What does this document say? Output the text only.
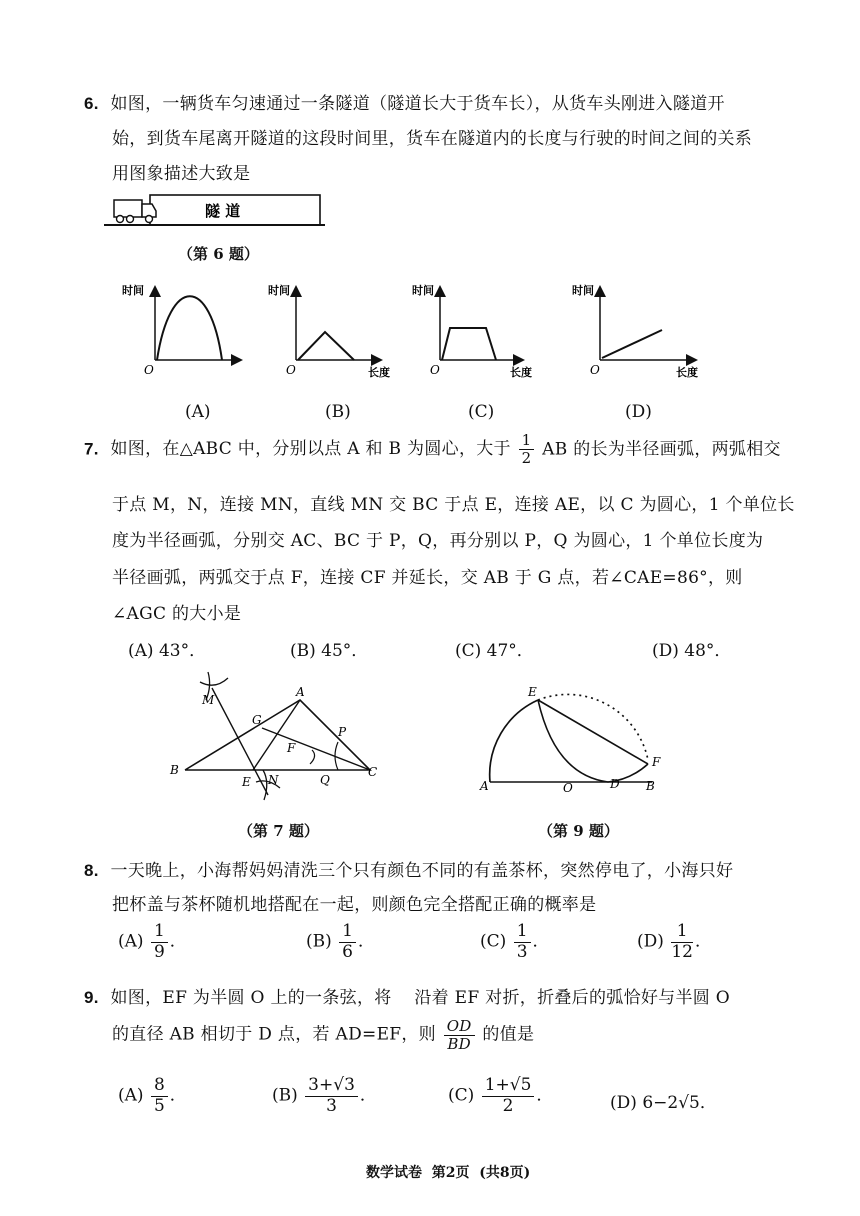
6. 如图，一辆货车匀速通过一条隧道（隧道长大于货车长），从货车头刚进入隧道开
始，到货车尾离开隧道的这段时间里，货车在隧道内的长度与行驶的时间之间的关系
用图象描述大致是
隧 道
（第 6 题）
时间
O
时间
O	长度
时间
O	长度
时间
O	长度
(A)	(B)	(C)	(D)
7. 如图，在△ABC 中，分别以点 A 和 B 为圆心，大于 $\frac{1}{2}$ AB 的长为半径画弧，两弧相交
于点 M，N，连接 MN，直线 MN 交 BC 于点 E，连接 AE，以 C 为圆心，1 个单位长
度为半径画弧，分别交 AC、BC 于 P，Q，再分别以 P，Q 为圆心，1 个单位长度为
半径画弧，两弧交于点 F，连接 CF 并延长，交 AB 于 G 点，若∠CAE=86°，则
∠AGC 的大小是
(A) 43°．	(B) 45°．	(C) 47°．	(D) 48°．
M
A
G
F
P
B
E N	Q
C
（第 7 题）
E
F
A	O	D B
（第 9 题）
8. 一天晚上，小海帮妈妈清洗三个只有颜色不同的有盖茶杯，突然停电了，小海只好
把杯盖与茶杯随机地搭配在一起，则颜色完全搭配正确的概率是
$(A) \frac{1}{9}$ ．	$(B) \frac{1}{6}$ ．	$(C) \frac{1}{3}$ ．	$(D) \frac{1}{12}$ ．
9. 如图，EF 为半圆 O 上的一条弦，将    沿着 EF 对折，折叠后的弧恰好与半圆 O
的直径 AB 相切于 D 点，若 AD=EF，则 $\frac{OD}{BD}$ 的值是
$(A) \frac{8}{5}$ ．	$(B) \frac{3+√3}{3}$ ．	$(C) \frac{1+√5}{2}$ ．	(D) 6−2√5．
数学试卷  第2页  (共8页)
